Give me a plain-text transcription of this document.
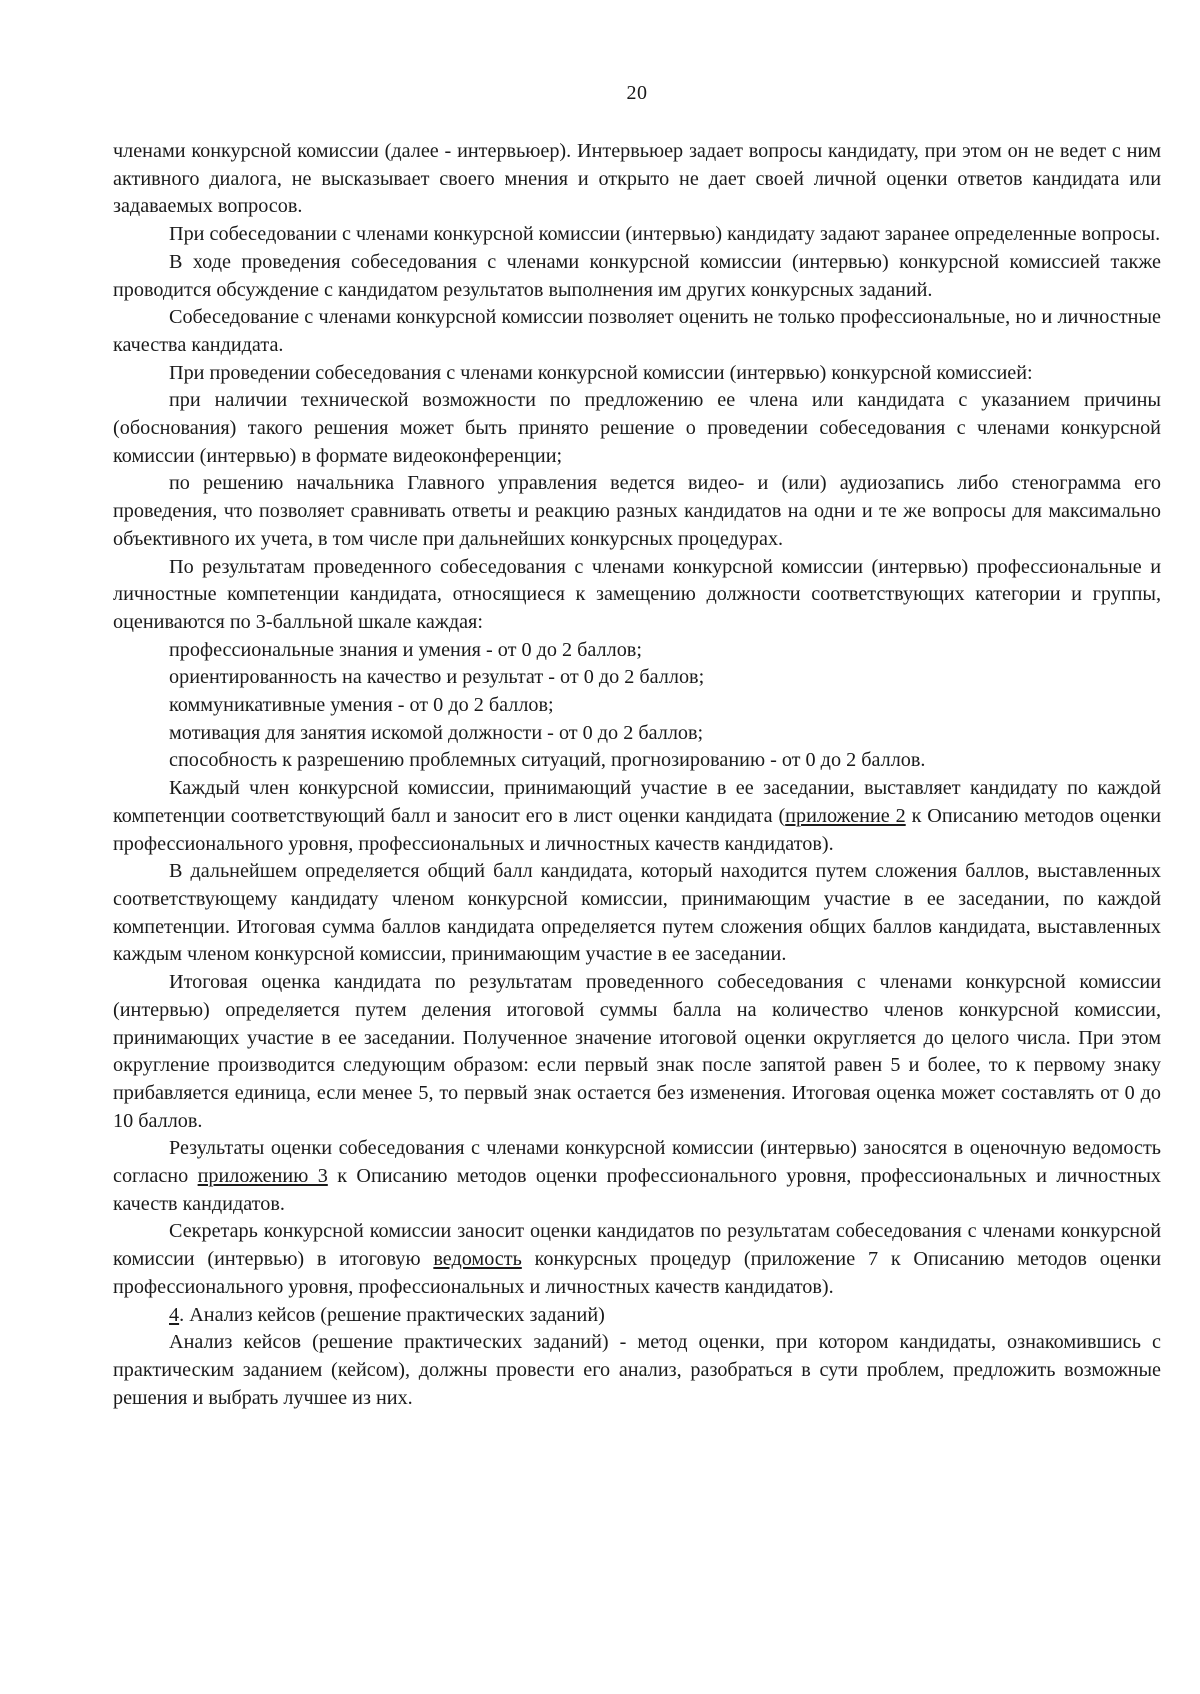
20

членами конкурсной комиссии (далее - интервьюер). Интервьюер задает вопросы кандидату, при этом он не ведет с ним активного диалога, не высказывает своего мнения и открыто не дает своей личной оценки ответов кандидата или задаваемых вопросов.

При собеседовании с членами конкурсной комиссии (интервью) кандидату задают заранее определенные вопросы.

В ходе проведения собеседования с членами конкурсной комиссии (интервью) конкурсной комиссией также проводится обсуждение с кандидатом результатов выполнения им других конкурсных заданий.

Собеседование с членами конкурсной комиссии позволяет оценить не только профессиональные, но и личностные качества кандидата.

При проведении собеседования с членами конкурсной комиссии (интервью) конкурсной комиссией:

при наличии технической возможности по предложению ее члена или кандидата с указанием причины (обоснования) такого решения может быть принято решение о проведении собеседования с членами конкурсной комиссии (интервью) в формате видеоконференции;

по решению начальника Главного управления ведется видео- и (или) аудиозапись либо стенограмма его проведения, что позволяет сравнивать ответы и реакцию разных кандидатов на одни и те же вопросы для максимально объективного их учета, в том числе при дальнейших конкурсных процедурах.

По результатам проведенного собеседования с членами конкурсной комиссии (интервью) профессиональные и личностные компетенции кандидата, относящиеся к замещению должности соответствующих категории и группы, оцениваются по 3-балльной шкале каждая:

профессиональные знания и умения - от 0 до 2 баллов;

ориентированность на качество и результат - от 0 до 2 баллов;

коммуникативные умения - от 0 до 2 баллов;

мотивация для занятия искомой должности - от 0 до 2 баллов;

способность к разрешению проблемных ситуаций, прогнозированию - от 0 до 2 баллов.

Каждый член конкурсной комиссии, принимающий участие в ее заседании, выставляет кандидату по каждой компетенции соответствующий балл и заносит его в лист оценки кандидата (приложение 2 к Описанию методов оценки профессионального уровня, профессиональных и личностных качеств кандидатов).

В дальнейшем определяется общий балл кандидата, который находится путем сложения баллов, выставленных соответствующему кандидату членом конкурсной комиссии, принимающим участие в ее заседании, по каждой компетенции. Итоговая сумма баллов кандидата определяется путем сложения общих баллов кандидата, выставленных каждым членом конкурсной комиссии, принимающим участие в ее заседании.

Итоговая оценка кандидата по результатам проведенного собеседования с членами конкурсной комиссии (интервью) определяется путем деления итоговой суммы балла на количество членов конкурсной комиссии, принимающих участие в ее заседании. Полученное значение итоговой оценки округляется до целого числа. При этом округление производится следующим образом: если первый знак после запятой равен 5 и более, то к первому знаку прибавляется единица, если менее 5, то первый знак остается без изменения. Итоговая оценка может составлять от 0 до 10 баллов.

Результаты оценки собеседования с членами конкурсной комиссии (интервью) заносятся в оценочную ведомость согласно приложению 3 к Описанию методов оценки профессионального уровня, профессиональных и личностных качеств кандидатов.

Секретарь конкурсной комиссии заносит оценки кандидатов по результатам собеседования с членами конкурсной комиссии (интервью) в итоговую ведомость конкурсных процедур (приложение 7 к Описанию методов оценки профессионального уровня, профессиональных и личностных качеств кандидатов).

4. Анализ кейсов (решение практических заданий)

Анализ кейсов (решение практических заданий) - метод оценки, при котором кандидаты, ознакомившись с практическим заданием (кейсом), должны провести его анализ, разобраться в сути проблем, предложить возможные решения и выбрать лучшее из них.
